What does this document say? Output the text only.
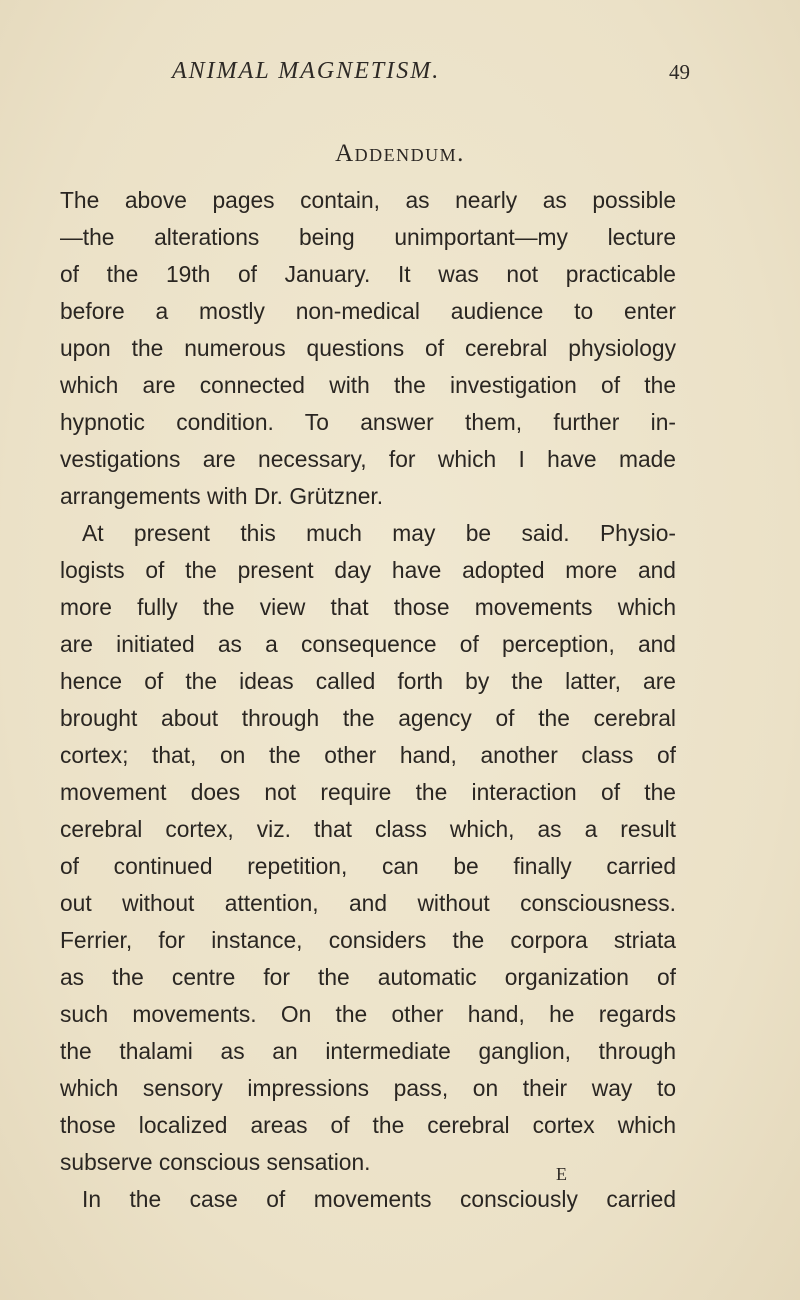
ANIMAL MAGNETISM.	49
Addendum.
The above pages contain, as nearly as possible
—the alterations being unimportant—my lecture
of the 19th of January. It was not practicable
before a mostly non-medical audience to enter
upon the numerous questions of cerebral physiology
which are connected with the investigation of the
hypnotic condition. To answer them, further in-
vestigations are necessary, for which I have made
arrangements with Dr. Grützner.
At present this much may be said. Physio-
logists of the present day have adopted more and
more fully the view that those movements which
are initiated as a consequence of perception, and
hence of the ideas called forth by the latter, are
brought about through the agency of the cerebral
cortex; that, on the other hand, another class of
movement does not require the interaction of the
cerebral cortex, viz. that class which, as a result
of continued repetition, can be finally carried
out without attention, and without consciousness.
Ferrier, for instance, considers the corpora striata
as the centre for the automatic organization of
such movements. On the other hand, he regards
the thalami as an intermediate ganglion, through
which sensory impressions pass, on their way to
those localized areas of the cerebral cortex which
subserve conscious sensation.
In the case of movements consciously carried
E
